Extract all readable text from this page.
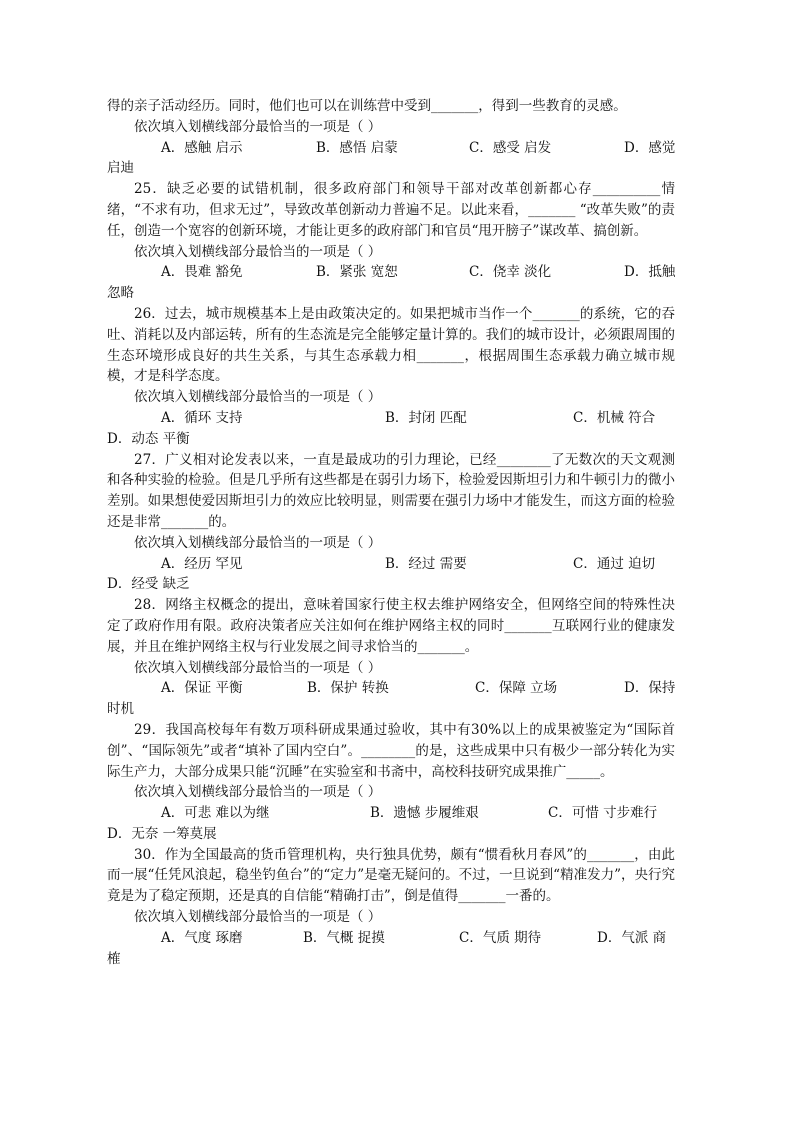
得的亲子活动经历。同时，他们也可以在训练营中受到_______，得到一些教育的灵感。
依次填入划横线部分最恰当的一项是（ ）
A．感触 启示	B．感悟 启蒙	C．感受 启发	D．感觉
启迪
25．缺乏必要的试错机制，很多政府部门和领导干部对改革创新都心存__________情绪，“不求有功，但求无过”，导致改革创新动力普遍不足。以此来看，_______ “改革失败”的责任，创造一个宽容的创新环境，才能让更多的政府部门和官员“甩开膀子”谋改革、搞创新。
依次填入划横线部分最恰当的一项是（ ）
A．畏难 豁免	B．紧张 宽恕	C．侥幸 淡化	D．抵触
忽略
26．过去，城市规模基本上是由政策决定的。如果把城市当作一个_______的系统，它的吞吐、消耗以及内部运转，所有的生态流是完全能够定量计算的。我们的城市设计，必须跟周围的生态环境形成良好的共生关系，与其生态承载力相_______，根据周围生态承载力确立城市规模，才是科学态度。
依次填入划横线部分最恰当的一项是（ ）
A．循环 支持	B．封闭 匹配	C．机械 符合
D．动态 平衡
27．广义相对论发表以来，一直是最成功的引力理论，已经________了无数次的天文观测和各种实验的检验。但是几乎所有这些都是在弱引力场下，检验爱因斯坦引力和牛顿引力的微小差别。如果想使爱因斯坦引力的效应比较明显，则需要在强引力场中才能发生，而这方面的检验还是非常_______的。
依次填入划横线部分最恰当的一项是（ ）
A．经历 罕见	B．经过 需要	C．通过 迫切
D．经受 缺乏
28．网络主权概念的提出，意味着国家行使主权去维护网络安全，但网络空间的特殊性决定了政府作用有限。政府决策者应关注如何在维护网络主权的同时_______互联网行业的健康发展，并且在维护网络主权与行业发展之间寻求恰当的_______。
依次填入划横线部分最恰当的一项是（ ）
A．保证 平衡	B．保护 转换	C．保障 立场	D．保持
时机
29．我国高校每年有数万项科研成果通过验收，其中有30%以上的成果被鉴定为“国际首创”、“国际领先”或者“填补了国内空白”。________的是，这些成果中只有极少一部分转化为实际生产力，大部分成果只能“沉睡”在实验室和书斋中，高校科技研究成果推广_____。
依次填入划横线部分最恰当的一项是（ ）
A．可悲 难以为继	B．遗憾 步履维艰	C．可惜 寸步难行
D．无奈 一筹莫展
30．作为全国最高的货币管理机构，央行独具优势，颇有“惯看秋月春风”的_______，由此而一展“任凭风浪起，稳坐钓鱼台”的“定力”是毫无疑问的。不过，一旦说到“精准发力”，央行究竟是为了稳定预期，还是真的自信能“精确打击”，倒是值得_______一番的。
依次填入划横线部分最恰当的一项是（ ）
A．气度 琢磨	B．气概 捉摸	C．气质 期待	D．气派 商
榷
